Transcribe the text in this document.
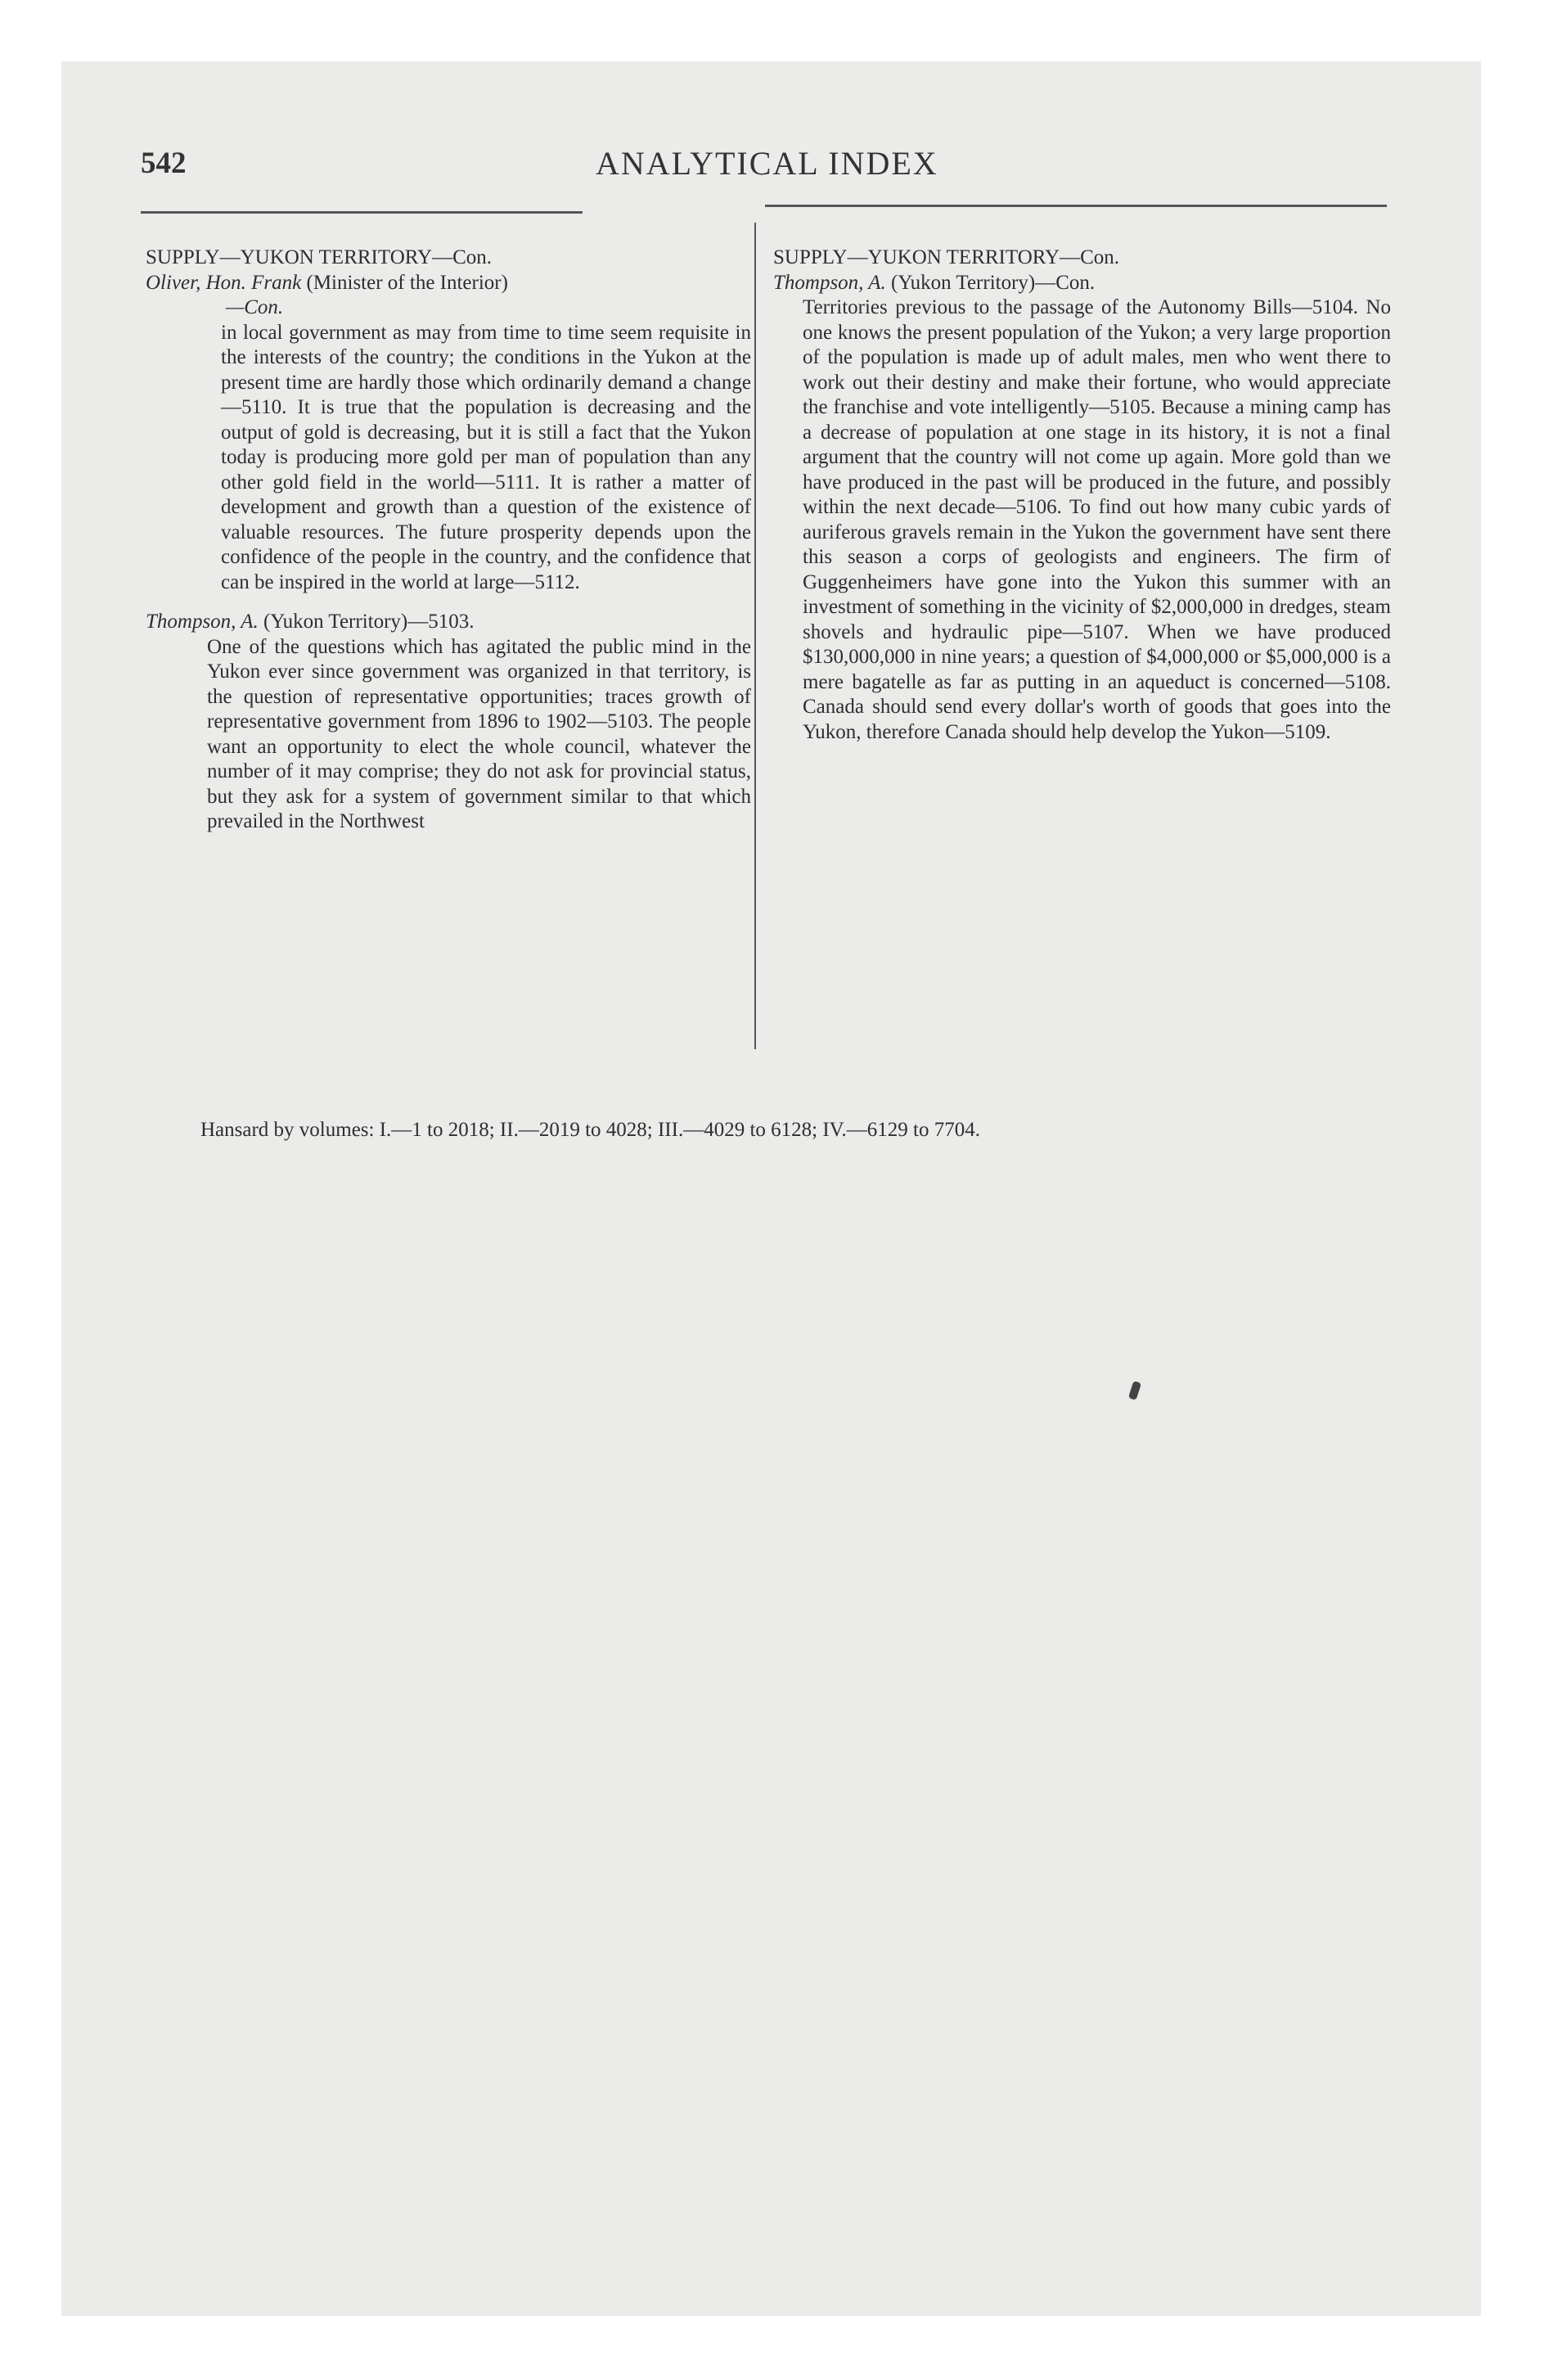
542	ANALYTICAL INDEX

SUPPLY—YUKON TERRITORY—Con.

Oliver, Hon. Frank (Minister of the Interior)

—Con.

in local government as may from time to time seem requisite in the interests of the country; the conditions in the Yukon at the present time are hardly those which ordinarily demand a change—5110. It is true that the population is decreasing and the output of gold is decreasing, but it is still a fact that the Yukon today is producing more gold per man of population than any other gold field in the world—5111. It is rather a matter of development and growth than a question of the existence of valuable resources. The future prosperity depends upon the confidence of the people in the country, and the confidence that can be inspired in the world at large—5112.

Thompson, A. (Yukon Territory)—5103.

One of the questions which has agitated the public mind in the Yukon ever since government was organized in that territory, is the question of representative opportunities; traces growth of representative government from 1896 to 1902—5103. The people want an opportunity to elect the whole council, whatever the number of it may comprise; they do not ask for provincial status, but they ask for a system of government similar to that which prevailed in the Northwest

SUPPLY—YUKON TERRITORY—Con.

Thompson, A. (Yukon Territory)—Con.

Territories previous to the passage of the Autonomy Bills—5104. No one knows the present population of the Yukon; a very large proportion of the population is made up of adult males, men who went there to work out their destiny and make their fortune, who would appreciate the franchise and vote intelligently—5105. Because a mining camp has a decrease of population at one stage in its history, it is not a final argument that the country will not come up again. More gold than we have produced in the past will be produced in the future, and possibly within the next decade—5106. To find out how many cubic yards of auriferous gravels remain in the Yukon the government have sent there this season a corps of geologists and engineers. The firm of Guggenheimers have gone into the Yukon this summer with an investment of something in the vicinity of $2,000,000 in dredges, steam shovels and hydraulic pipe—5107. When we have produced $130,000,000 in nine years; a question of $4,000,000 or $5,000,000 is a mere bagatelle as far as putting in an aqueduct is concerned—5108. Canada should send every dollar's worth of goods that goes into the Yukon, therefore Canada should help develop the Yukon—5109.

Hansard by volumes: I.—1 to 2018; II.—2019 to 4028; III.—4029 to 6128; IV.—6129 to 7704.
